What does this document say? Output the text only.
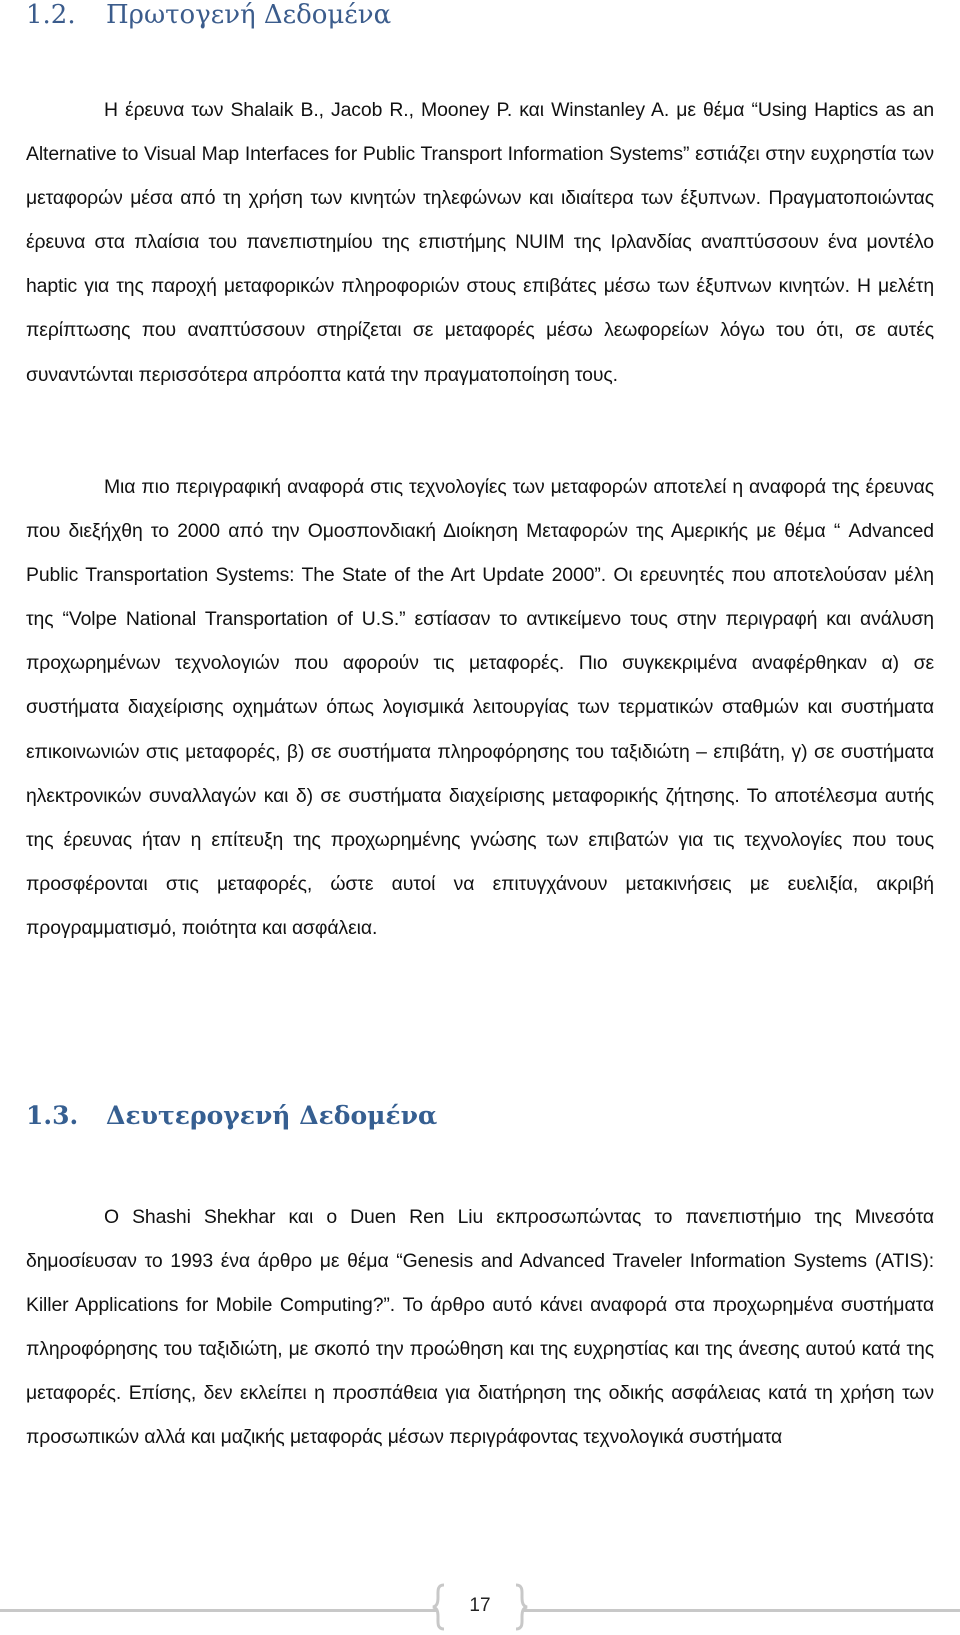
1.2. Πρωτογενή Δεδομένα

Η έρευνα των Shalaik B., Jacob R., Mooney P. και Winstanley A. με θέμα “Using Haptics as an Alternative to Visual Map Interfaces for Public Transport Information Systems” εστιάζει στην ευχρηστία των μεταφορών μέσα από τη χρήση των κινητών τηλεφώνων και ιδιαίτερα των έξυπνων. Πραγματοποιώντας έρευνα στα πλαίσια του πανεπιστημίου της επιστήμης NUIM της Ιρλανδίας αναπτύσσουν ένα μοντέλο haptic για της παροχή μεταφορικών πληροφοριών στους επιβάτες μέσω των έξυπνων κινητών. Η μελέτη περίπτωσης που αναπτύσσουν στηρίζεται σε μεταφορές μέσω λεωφορείων λόγω του ότι, σε αυτές συναντώνται περισσότερα απρόοπτα κατά την πραγματοποίηση τους.

Μια πιο περιγραφική αναφορά στις τεχνολογίες των μεταφορών αποτελεί η αναφορά της έρευνας που διεξήχθη το 2000 από την Ομοσπονδιακή Διοίκηση Μεταφορών της Αμερικής με θέμα “ Advanced Public Transportation Systems: The State of the Art Update 2000”. Οι ερευνητές που αποτελούσαν μέλη της “Volpe National Transportation of U.S.” εστίασαν το αντικείμενο τους στην περιγραφή και ανάλυση προχωρημένων τεχνολογιών που αφορούν τις μεταφορές. Πιο συγκεκριμένα αναφέρθηκαν α) σε συστήματα διαχείρισης οχημάτων όπως λογισμικά λειτουργίας των τερματικών σταθμών και συστήματα επικοινωνιών στις μεταφορές, β) σε συστήματα πληροφόρησης του ταξιδιώτη – επιβάτη, γ) σε συστήματα ηλεκτρονικών συναλλαγών και δ) σε συστήματα διαχείρισης μεταφορικής ζήτησης. Το αποτέλεσμα αυτής της έρευνας ήταν η επίτευξη της προχωρημένης γνώσης των επιβατών για τις τεχνολογίες που τους προσφέρονται στις μεταφορές, ώστε αυτοί να επιτυγχάνουν μετακινήσεις με ευελιξία, ακριβή προγραμματισμό, ποιότητα και ασφάλεια.

1.3. Δευτερογενή Δεδομένα

Ο Shashi Shekhar και ο Duen Ren Liu εκπροσωπώντας το πανεπιστήμιο της Μινεσότα δημοσίευσαν το 1993 ένα άρθρο με θέμα “Genesis and Advanced Traveler Information Systems (ATIS): Killer Applications for Mobile Computing?”. Το άρθρο αυτό κάνει αναφορά στα προχωρημένα συστήματα πληροφόρησης του ταξιδιώτη, με σκοπό την προώθηση και της ευχρηστίας και της άνεσης αυτού κατά της μεταφορές. Επίσης, δεν εκλείπει η προσπάθεια για διατήρηση της οδικής ασφάλειας κατά τη χρήση των προσωπικών αλλά και μαζικής μεταφοράς μέσων περιγράφοντας τεχνολογικά συστήματα

17
